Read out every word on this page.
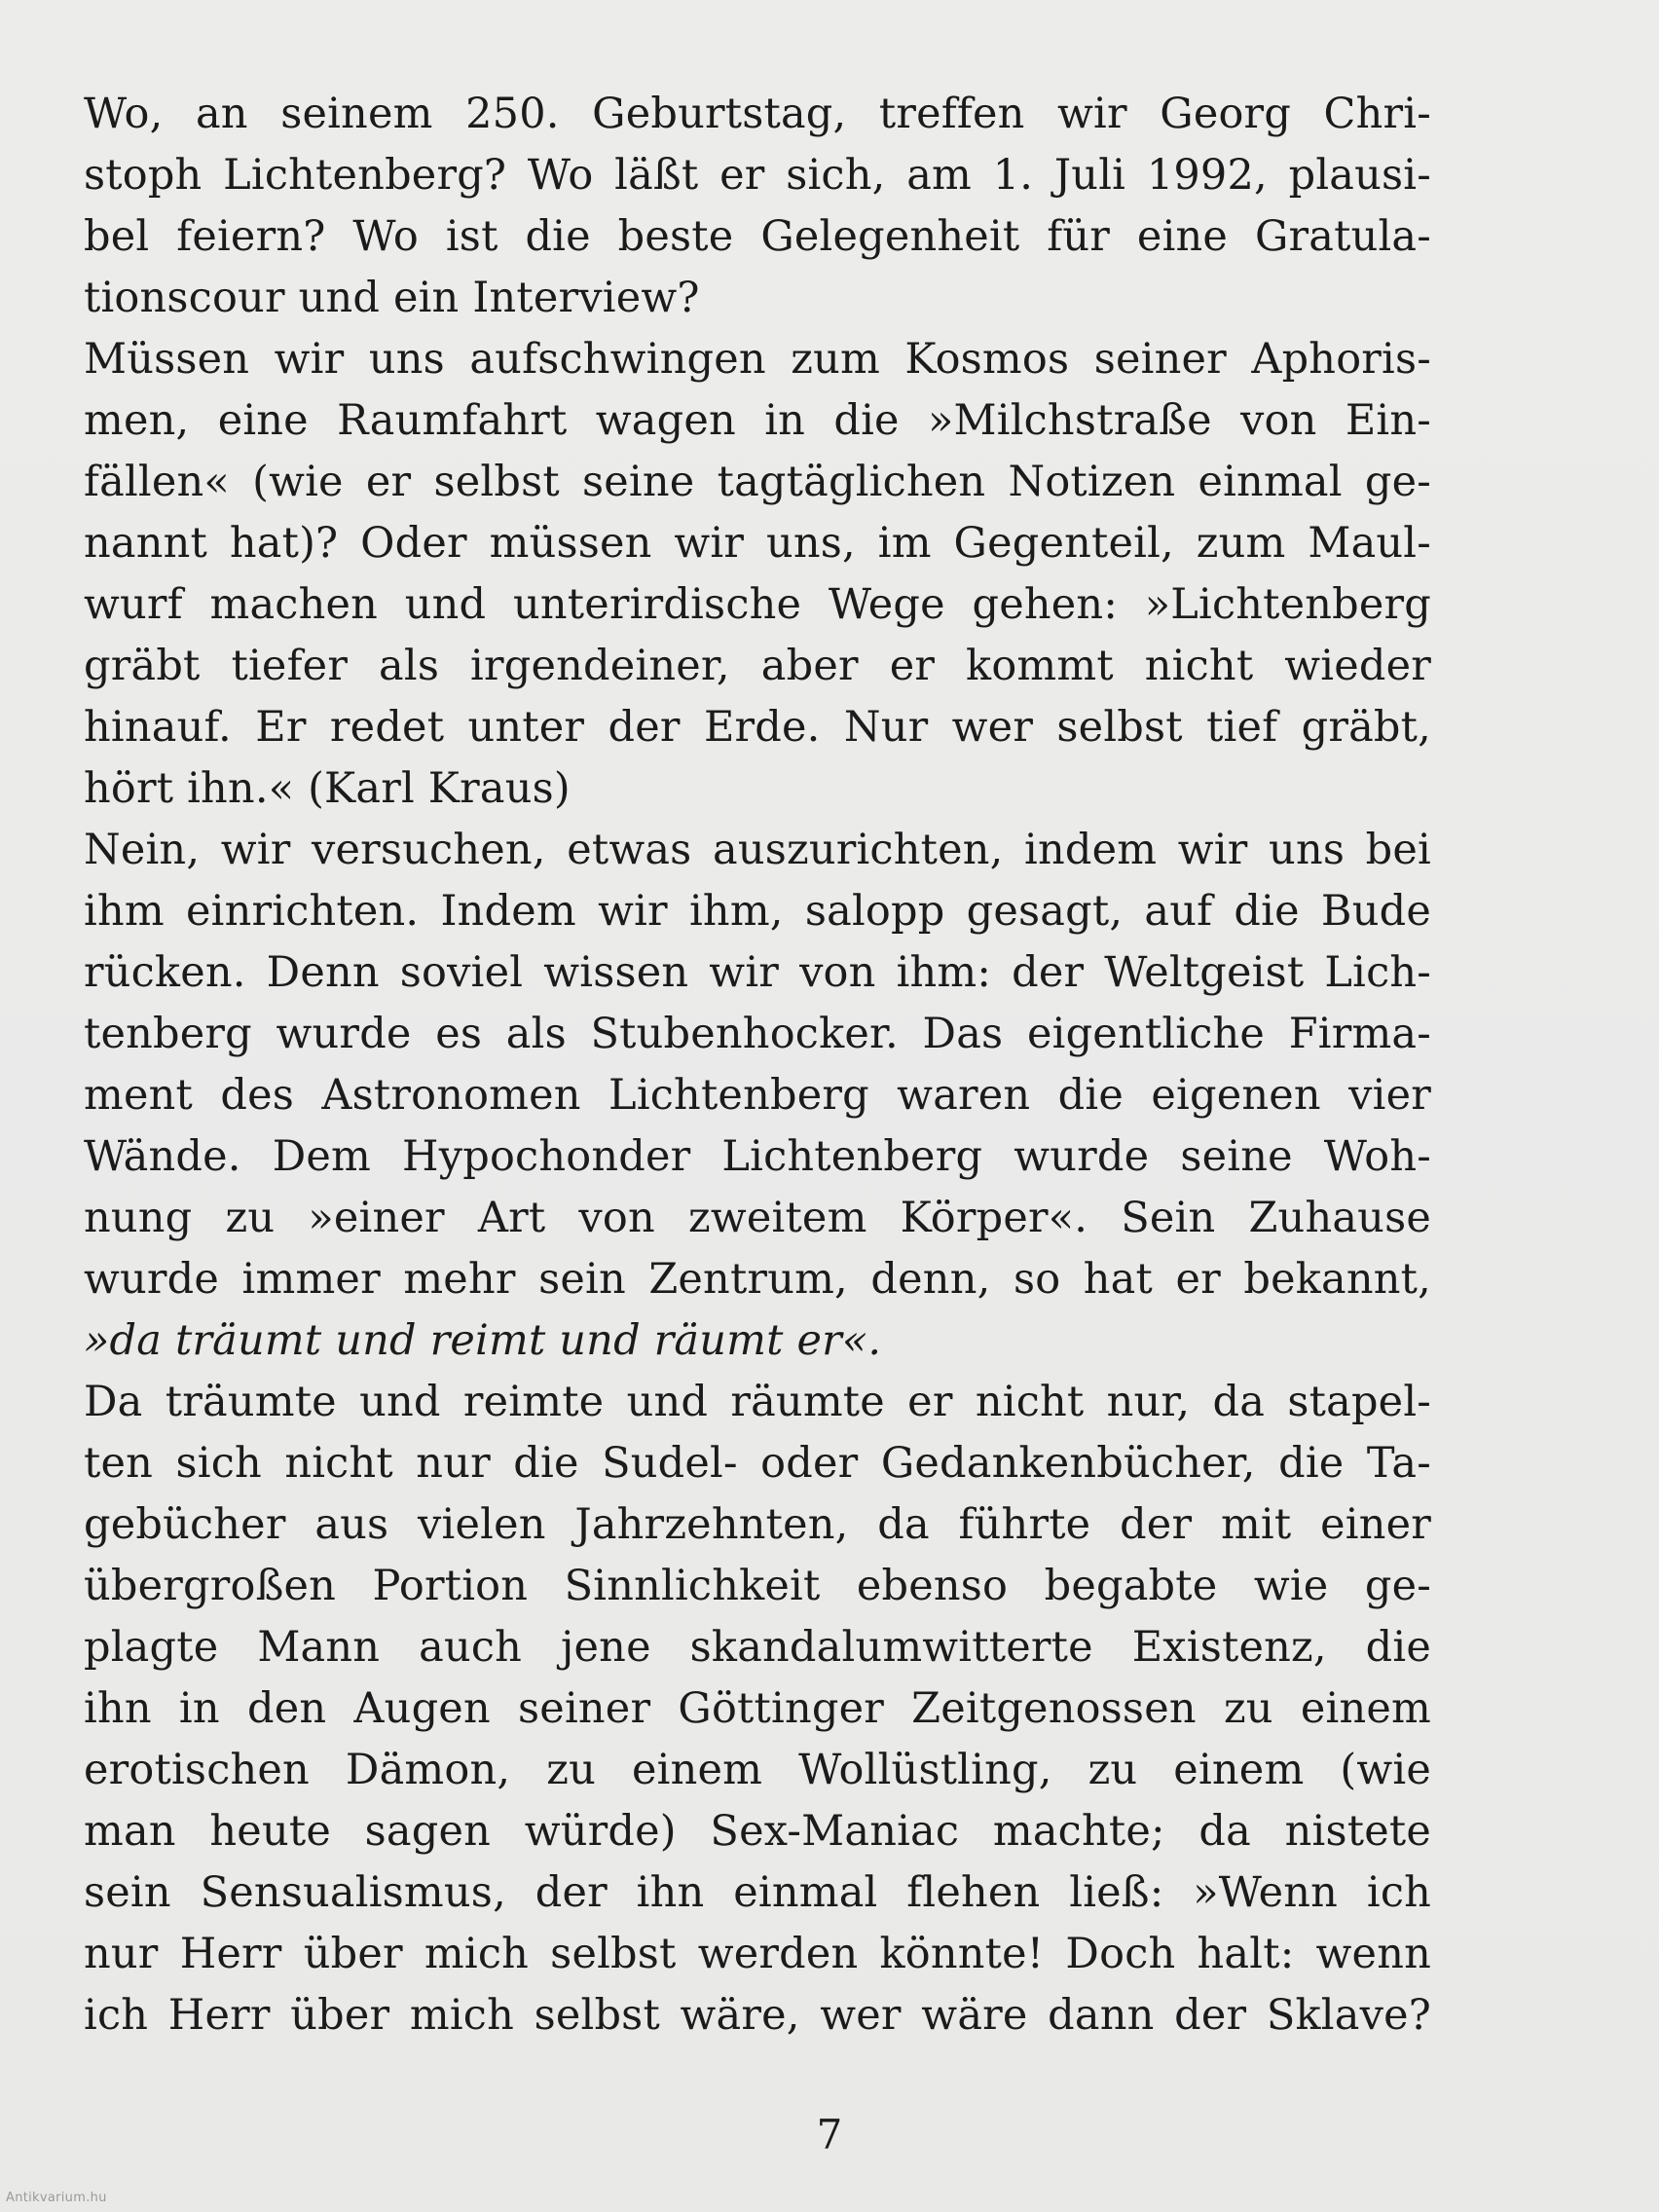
Wo, an seinem 250. Geburtstag, treffen wir Georg Chri-
stoph Lichtenberg? Wo läßt er sich, am 1. Juli 1992, plausi-
bel feiern? Wo ist die beste Gelegenheit für eine Gratula-
tionscour und ein Interview?
Müssen wir uns aufschwingen zum Kosmos seiner Aphoris-
men, eine Raumfahrt wagen in die »Milchstraße von Ein-
fällen« (wie er selbst seine tagtäglichen Notizen einmal ge-
nannt hat)? Oder müssen wir uns, im Gegenteil, zum Maul-
wurf machen und unterirdische Wege gehen: »Lichtenberg
gräbt tiefer als irgendeiner, aber er kommt nicht wieder
hinauf. Er redet unter der Erde. Nur wer selbst tief gräbt,
hört ihn.« (Karl Kraus)
Nein, wir versuchen, etwas auszurichten, indem wir uns bei
ihm einrichten. Indem wir ihm, salopp gesagt, auf die Bude
rücken. Denn soviel wissen wir von ihm: der Weltgeist Lich-
tenberg wurde es als Stubenhocker. Das eigentliche Firma-
ment des Astronomen Lichtenberg waren die eigenen vier
Wände. Dem Hypochonder Lichtenberg wurde seine Woh-
nung zu »einer Art von zweitem Körper«. Sein Zuhause
wurde immer mehr sein Zentrum, denn, so hat er bekannt,
»da träumt und reimt und räumt er«.
Da träumte und reimte und räumte er nicht nur, da stapel-
ten sich nicht nur die Sudel- oder Gedankenbücher, die Ta-
gebücher aus vielen Jahrzehnten, da führte der mit einer
übergroßen Portion Sinnlichkeit ebenso begabte wie ge-
plagte Mann auch jene skandalumwitterte Existenz, die
ihn in den Augen seiner Göttinger Zeitgenossen zu einem
erotischen Dämon, zu einem Wollüstling, zu einem (wie
man heute sagen würde) Sex-Maniac machte; da nistete
sein Sensualismus, der ihn einmal flehen ließ: »Wenn ich
nur Herr über mich selbst werden könnte! Doch halt: wenn
ich Herr über mich selbst wäre, wer wäre dann der Sklave?
7
Antikvarium.hu
